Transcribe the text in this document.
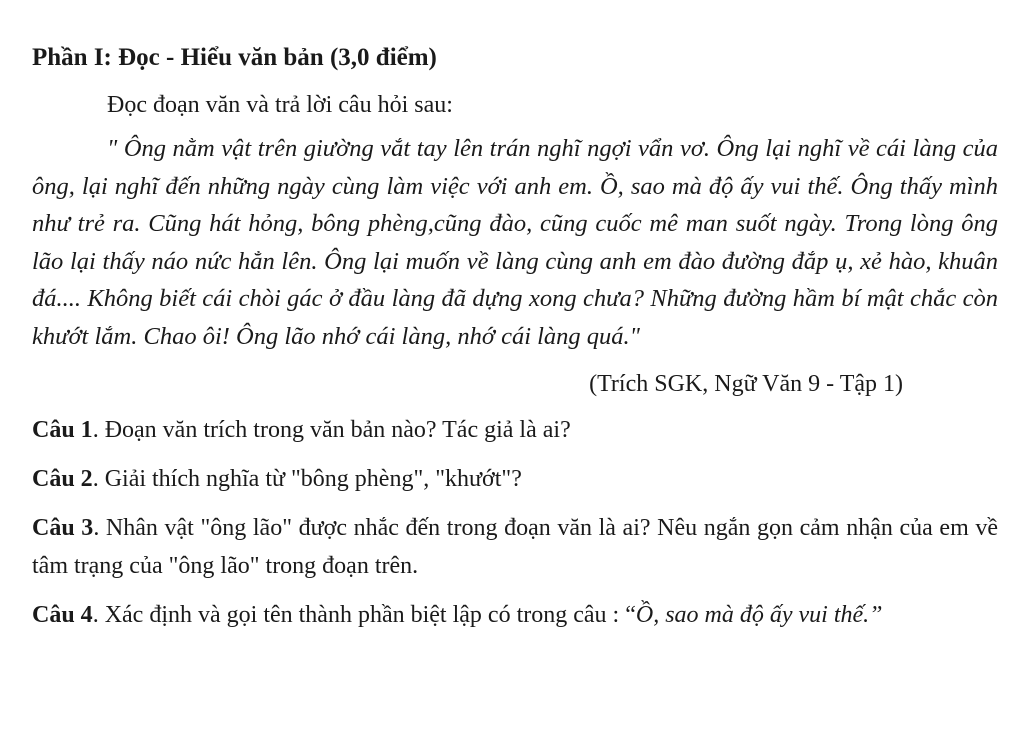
Phần I: Đọc - Hiểu văn bản (3,0 điểm)
Đọc đoạn văn và trả lời câu hỏi sau:

" Ông nằm vật trên giường vắt tay lên trán nghĩ ngợi vẩn vơ. Ông lại nghĩ về cái làng của ông, lại nghĩ đến những ngày cùng làm việc với anh em. Ồ, sao mà độ ấy vui thế. Ông thấy mình như trẻ ra. Cũng hát hỏng, bông phèng,cũng đào, cũng cuốc mê man suốt ngày. Trong lòng ông lão lại thấy náo nức hẳn lên. Ông lại muốn về làng cùng anh em đào đường đắp ụ, xẻ hào, khuân đá.... Không biết cái chòi gác ở đầu làng đã dựng xong chưa? Những đường hầm bí mật chắc còn khướt lắm. Chao ôi! Ông lão nhớ cái làng, nhớ cái làng quá."

(Trích SGK, Ngữ Văn 9 - Tập 1)

Câu 1. Đoạn văn trích trong văn bản nào? Tác giả là ai?

Câu 2. Giải thích nghĩa từ "bông phèng", "khướt"?

Câu 3. Nhân vật "ông lão" được nhắc đến trong đoạn văn là ai? Nêu ngắn gọn cảm nhận của em về tâm trạng của "ông lão" trong đoạn trên.

Câu 4. Xác định và gọi tên thành phần biệt lập có trong câu : “Ồ, sao mà độ ấy vui thế.”
